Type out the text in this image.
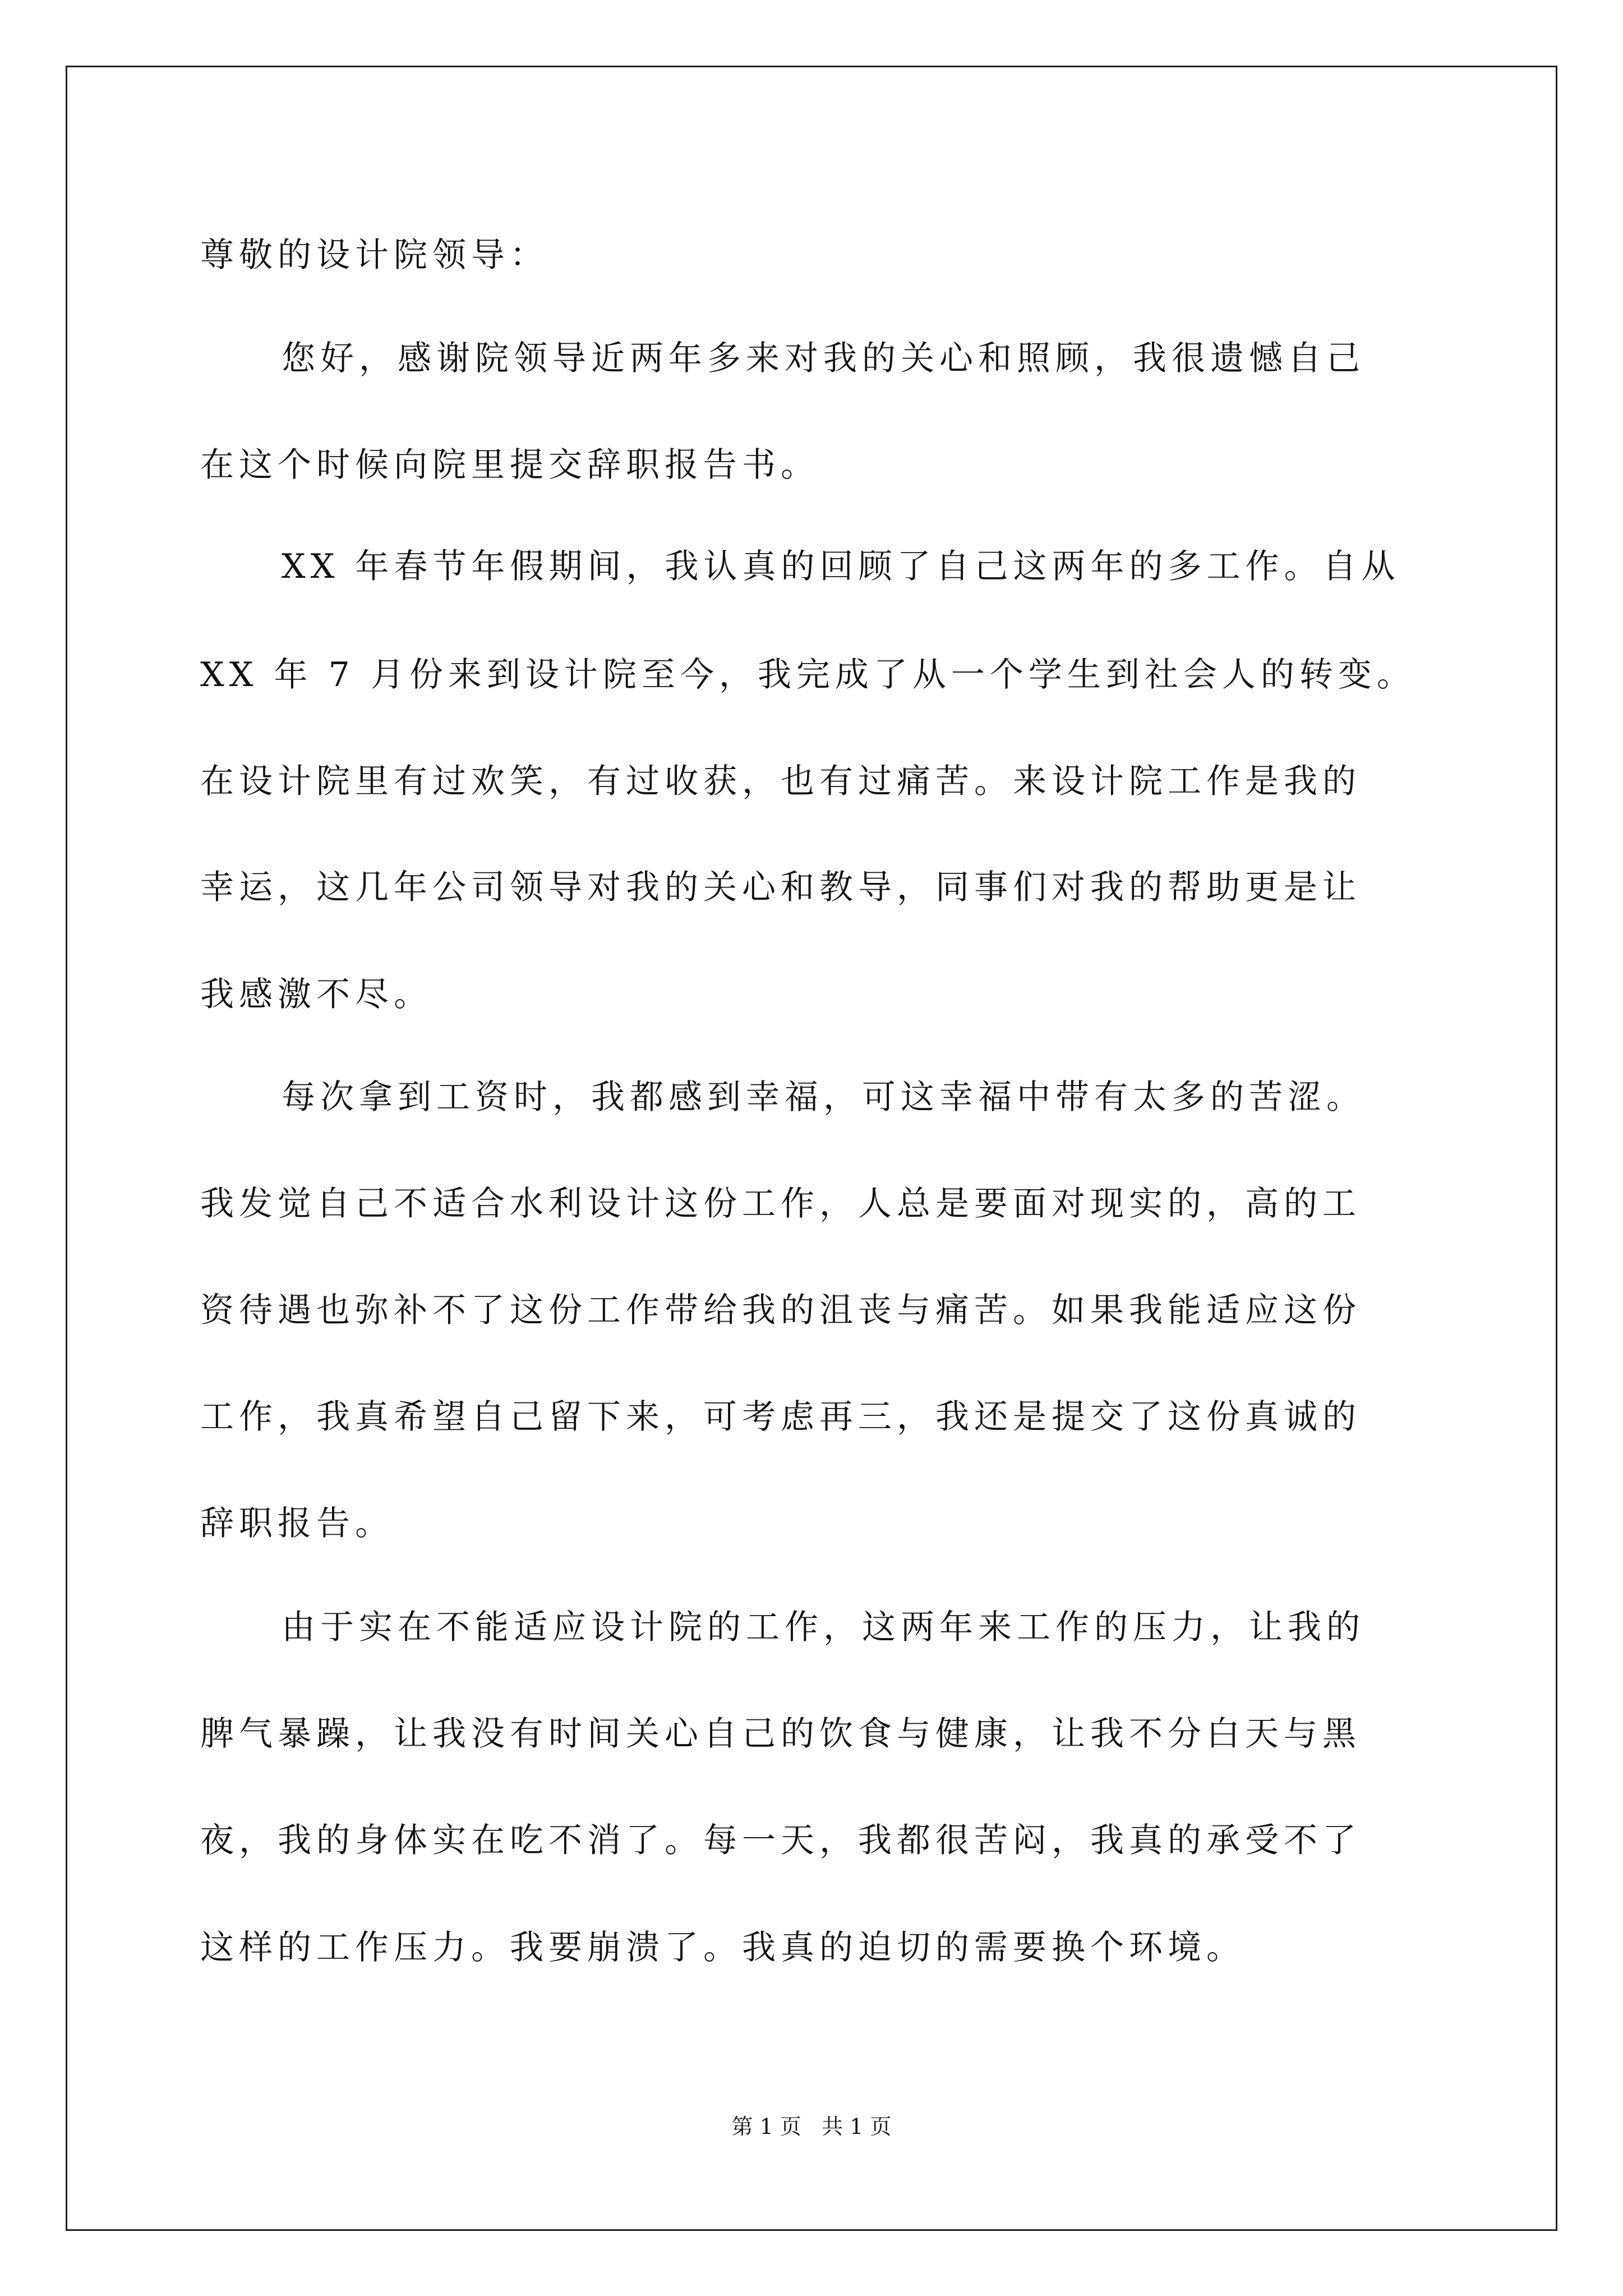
尊敬的设计院领导：
您好，感谢院领导近两年多来对我的关心和照顾，我很遗憾自己
在这个时候向院里提交辞职报告书。
XX 年春节年假期间，我认真的回顾了自己这两年的多工作。自从
XX 年 7 月份来到设计院至今，我完成了从一个学生到社会人的转变。
在设计院里有过欢笑，有过收获，也有过痛苦。来设计院工作是我的
幸运，这几年公司领导对我的关心和教导，同事们对我的帮助更是让
我感激不尽。
每次拿到工资时，我都感到幸福，可这幸福中带有太多的苦涩。
我发觉自己不适合水利设计这份工作，人总是要面对现实的，高的工
资待遇也弥补不了这份工作带给我的沮丧与痛苦。如果我能适应这份
工作，我真希望自己留下来，可考虑再三，我还是提交了这份真诚的
辞职报告。
由于实在不能适应设计院的工作，这两年来工作的压力，让我的
脾气暴躁，让我没有时间关心自己的饮食与健康，让我不分白天与黑
夜，我的身体实在吃不消了。每一天，我都很苦闷，我真的承受不了
这样的工作压力。我要崩溃了。我真的迫切的需要换个环境。
第 1 页   共 1 页
